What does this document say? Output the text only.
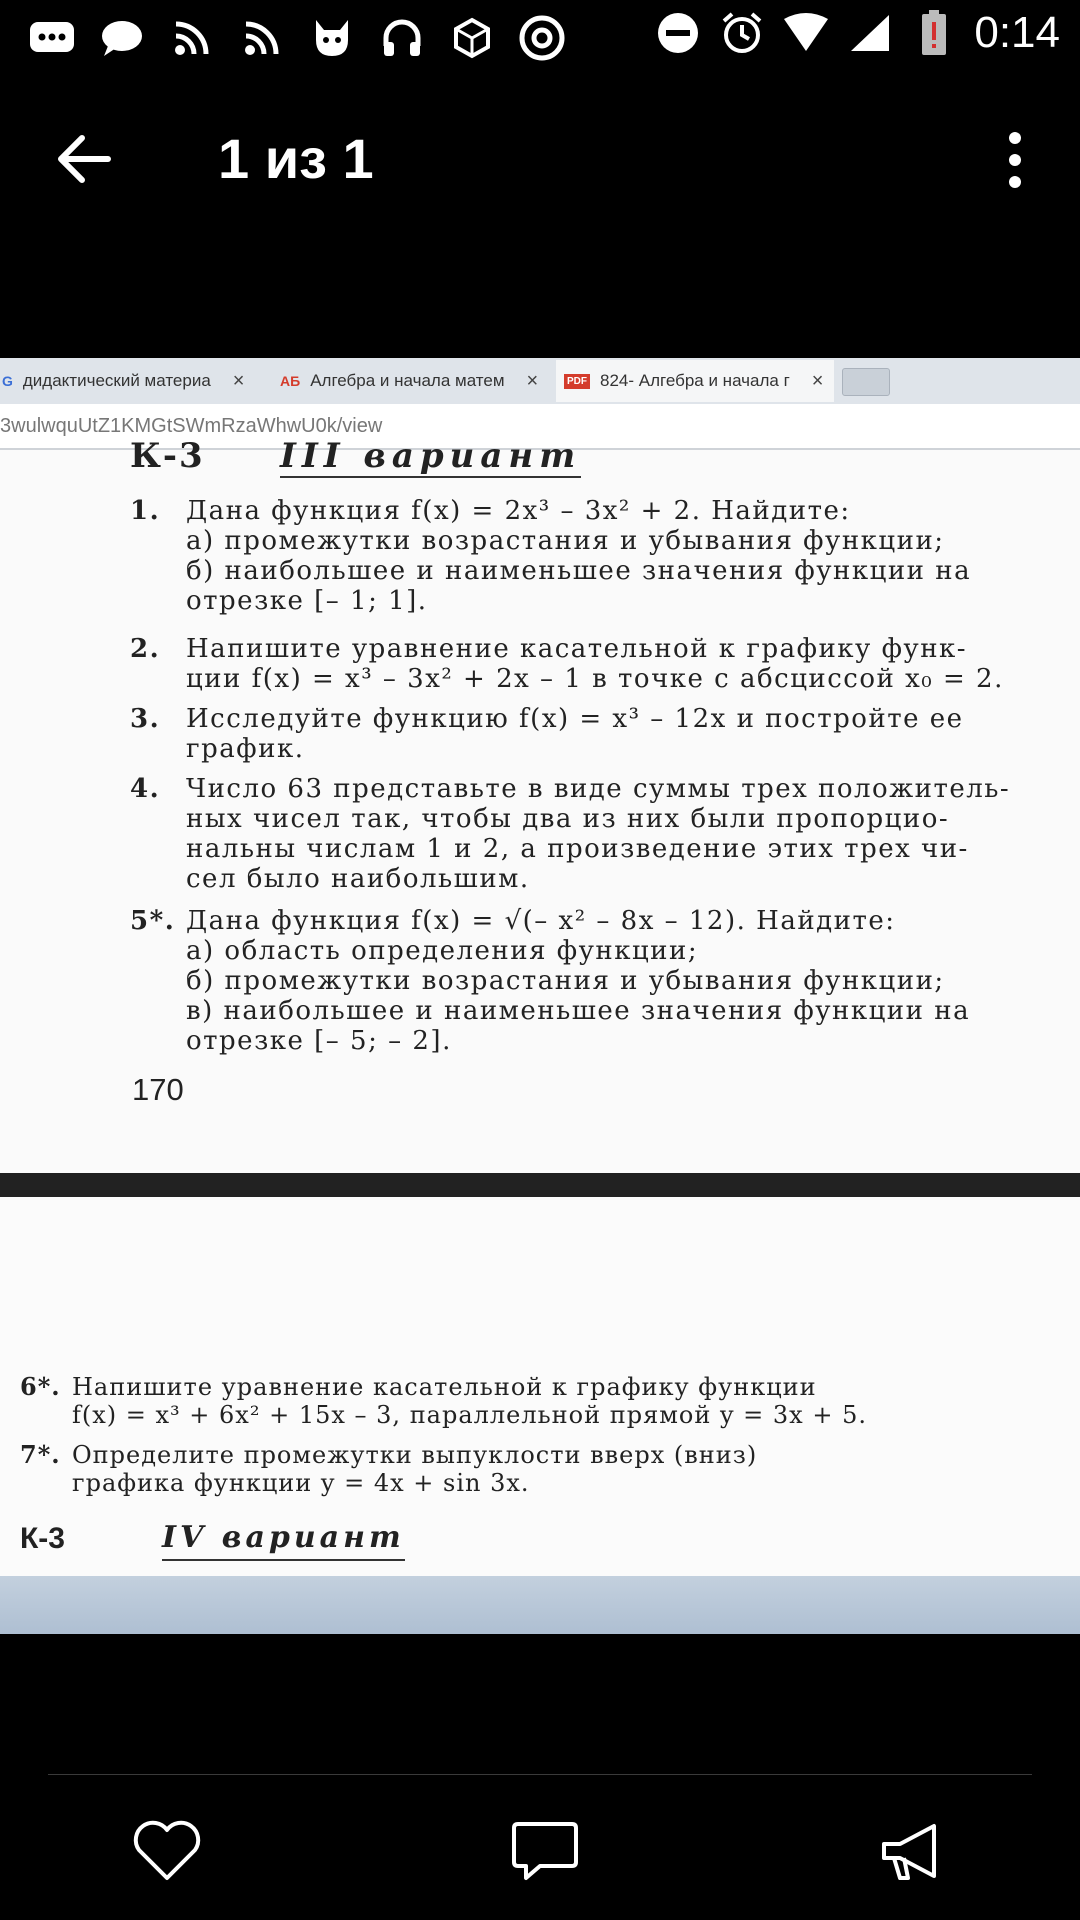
0:14
1 из 1
G дидактический материа ×	АБ Алгебра и начала матем ×	PDF 824- Алгебра и начала г ×
3wulwquUtZ1KMGtSWmRzaWhwU0k/view
К-3 III вариант
1. Дана функция f(x) = 2x³ – 3x² + 2. Найдите:
а) промежутки возрастания и убывания функции;
б) наибольшее и наименьшее значения функции на
отрезке [– 1; 1].
2. Напишите уравнение касательной к графику функ-
ции f(x) = x³ – 3x² + 2x – 1 в точке с абсциссой x₀ = 2.
3. Исследуйте функцию f(x) = x³ – 12x и постройте ее
график.
4. Число 63 представьте в виде суммы трех положитель-
ных чисел так, чтобы два из них были пропорцио-
нальны числам 1 и 2, а произведение этих трех чи-
сел было наибольшим.
5*. Дана функция f(x) = √(– x² – 8x – 12). Найдите:
а) область определения функции;
б) промежутки возрастания и убывания функции;
в) наибольшее и наименьшее значения функции на
отрезке [– 5; – 2].
170
6*. Напишите уравнение касательной к графику функции
f(x) = x³ + 6x² + 15x – 3, параллельной прямой y = 3x + 5.
7*. Определите промежутки выпуклости вверх (вниз)
графика функции y = 4x + sin 3x.
К-3	IV вариант
